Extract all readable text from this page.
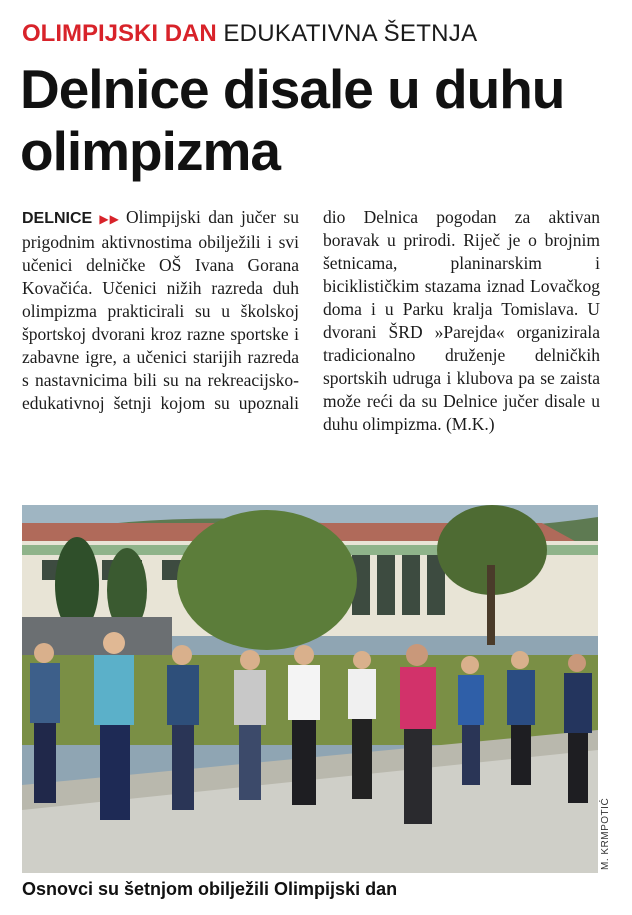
OLIMPIJSKI DAN EDUKATIVNA ŠETNJA
Delnice disale u duhu olimpizma

DELNICE ▶▶ Olimpijski dan jučer su prigodnim aktivnostima obilježili i svi učenici delničke OŠ Ivana Gorana Kovačića. Učenici nižih razreda duh olimpizma prakticirali su u školskoj športskoj dvorani kroz razne sportske i zabavne igre, a učenici starijih razreda s nastavnicima bili su na rekreacijsko-edukativnoj šetnji kojom su upoznali dio Delnica pogodan za aktivan boravak u prirodi. Riječ je o brojnim šetnicama, planinarskim i biciklističkim stazama iznad Lovačkog doma i u Parku kralja Tomislava. U dvorani ŠRD »Parejda« organizirala tradicionalno druženje delničkih sportskih udruga i klubova pa se zaista može reći da su Delnice jučer disale u duhu olimpizma. (M.K.)

M. KRMPOTIĆ
Osnovci su šetnjom obilježili Olimpijski dan
